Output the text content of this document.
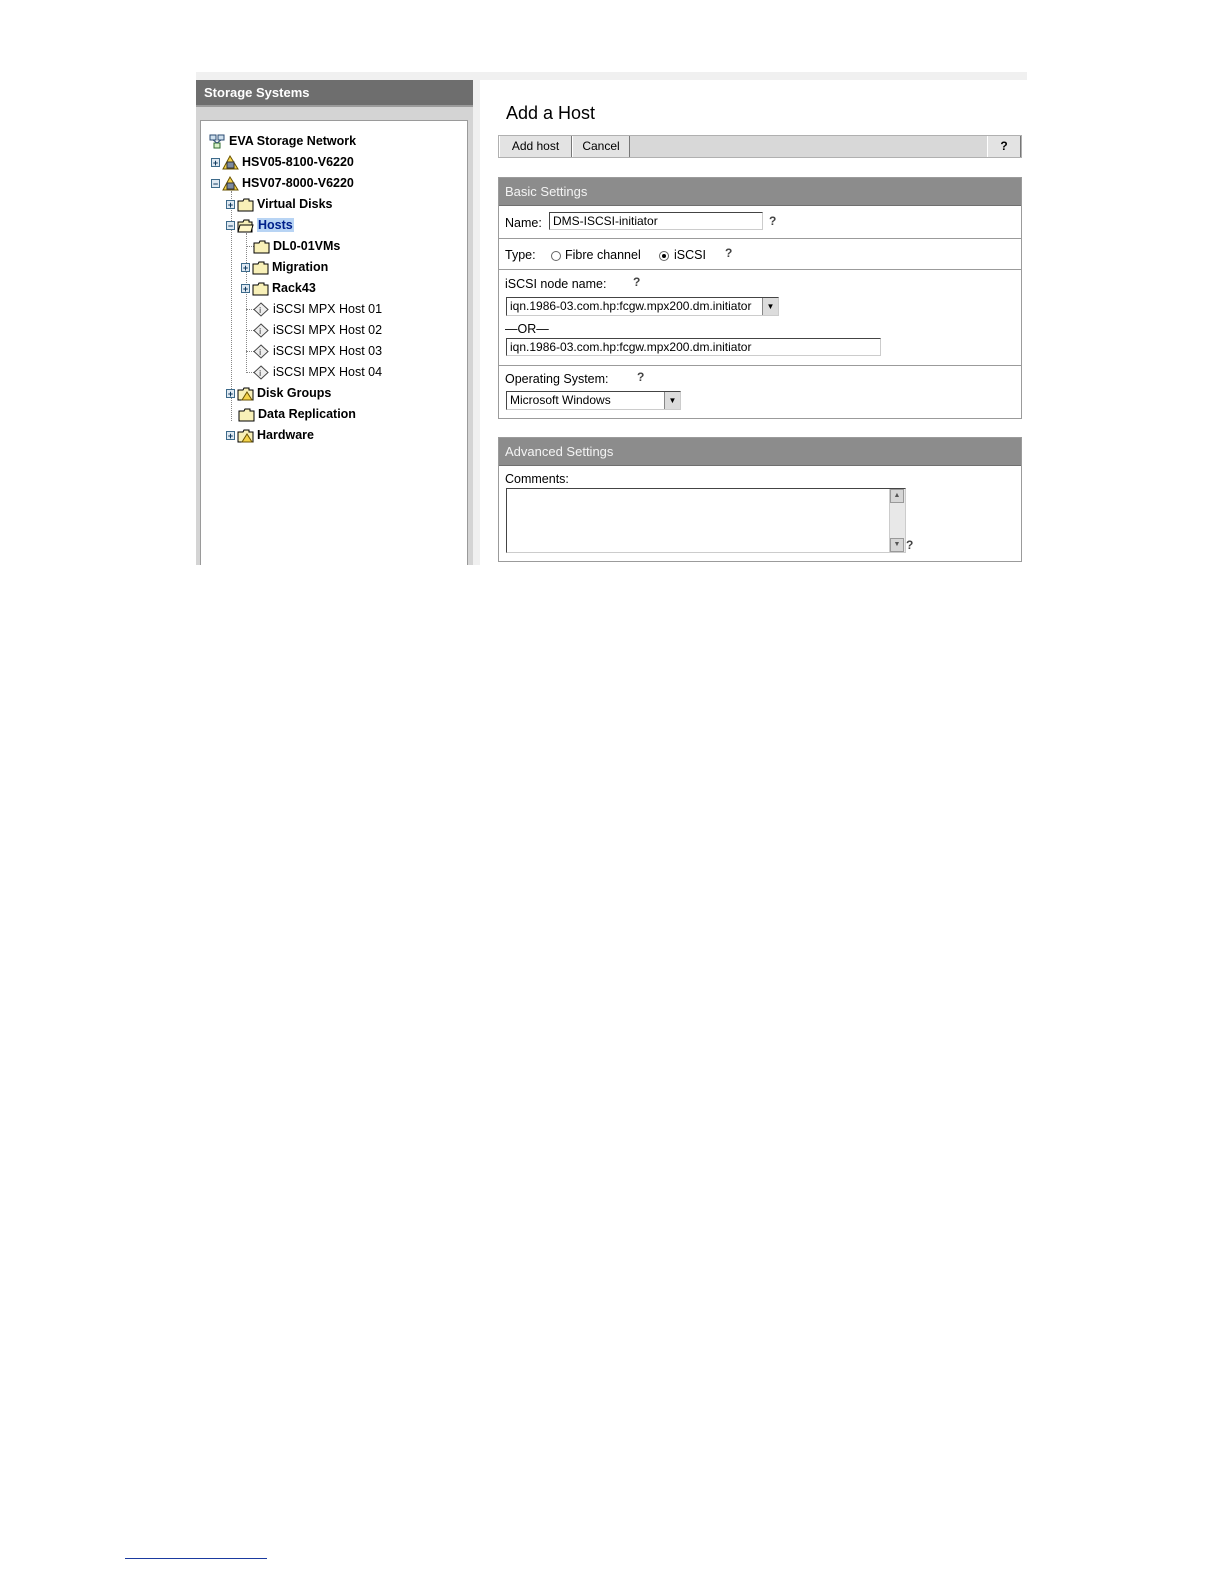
Storage Systems
EVA Storage Network
+ HSV05-8100-V6220
− HSV07-8000-V6220
+ Virtual Disks
− Hosts
DL0-01VMs
+ Migration
+ Rack43
i iSCSI MPX Host 01
i iSCSI MPX Host 02
i iSCSI MPX Host 03
i iSCSI MPX Host 04
+ Disk Groups
Data Replication
+ Hardware
Add a Host
Add host	Cancel	?
Basic Settings
Name: DMS-ISCSI-initiator	?
Type: Fibre channel	iSCSI ?
iSCSI node name: ?
iqn.1986-03.com.hp:fcgw.mpx200.dm.initiator	▼
—OR—
iqn.1986-03.com.hp:fcgw.mpx200.dm.initiator
Operating System: ?
Microsoft Windows	▼
Advanced Settings
Comments:
▲
▼ ?
